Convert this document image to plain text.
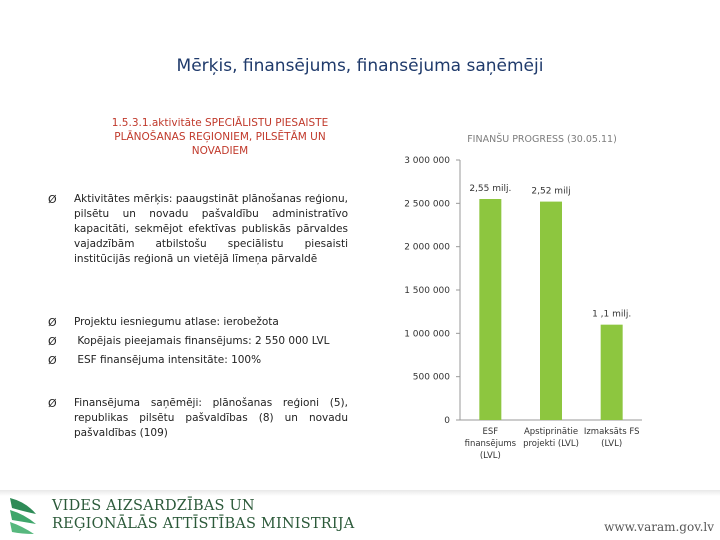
Mērķis, finansējums, finansējuma saņēmēji
1.5.3.1.aktivitāte SPECIĀLISTU PIESAISTE
PLĀNOŠANAS REĢIONIEM, PILSĒTĀM UN
NOVADIEM
Ø	Aktivitātes mērķis: paaugstināt plānošanas reģionu, pilsētu un novadu pašvaldību administratīvo kapacitāti, sekmējot efektīvas publiskās pārvaldes vajadzībām atbilstošu speciālistu piesaisti institūcijās reģionā un vietējā līmeņa pārvaldē
Ø	Projektu iesniegumu atlase: ierobežota
Ø	Kopējais pieejamais finansējums: 2 550 000 LVL
Ø	ESF finansējuma intensitāte: 100%
Ø	Finansējuma saņēmēji: plānošanas reģioni (5), republikas pilsētu pašvaldības (8) un novadu pašvaldības (109)
FINANŠU PROGRESS (30.05.11)
0
500 000
1 000 000
1 500 000
2 000 000
2 500 000
3 000 000
2,55 milj.
ESF
finansējums
(LVL)
2,52 milj
Apstiprinātie
projekti (LVL)
1 ,1 milj.
Izmaksāts FS
(LVL)
VIDES AIZSARDZĪBAS UN
REĢIONĀLĀS ATTĪSTĪBAS MINISTRIJA	www.varam.gov.lv
